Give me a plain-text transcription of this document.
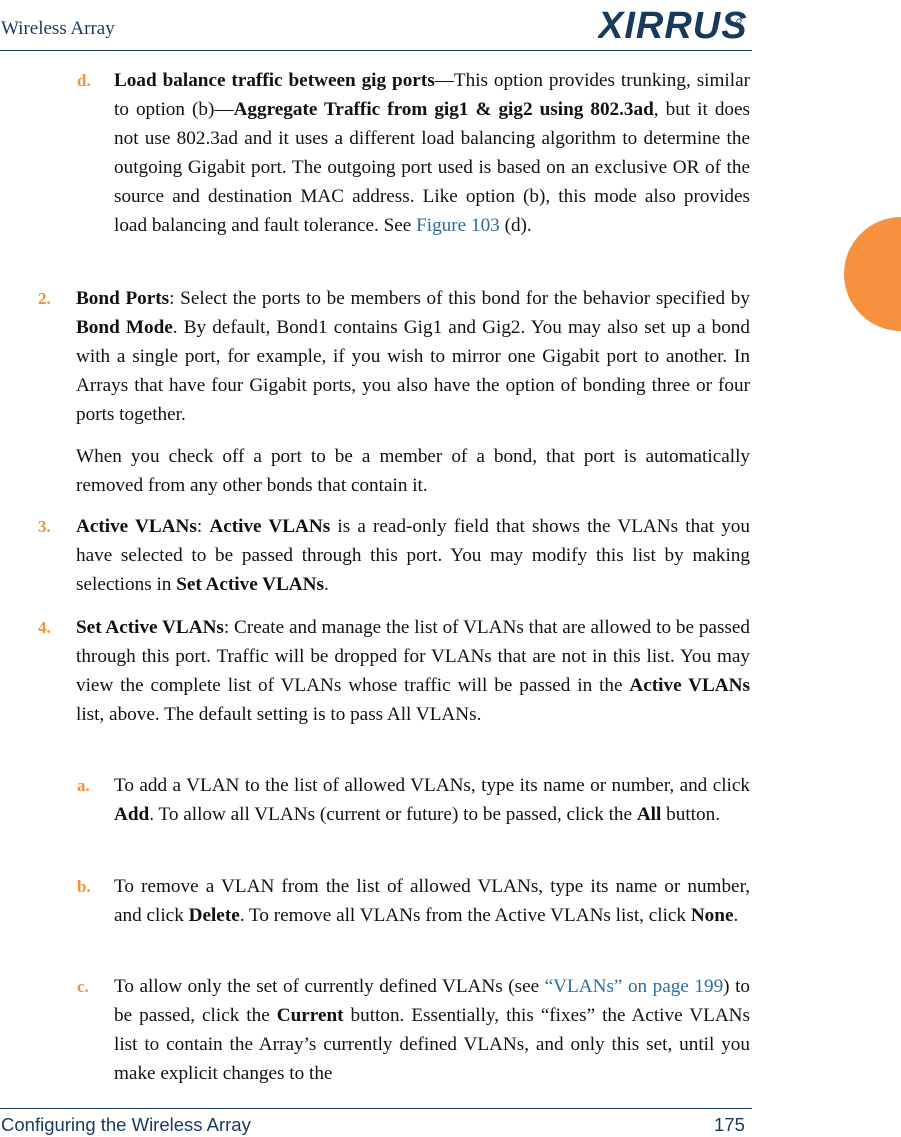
Wireless Array	XIRRUS
d. Load balance traffic between gig ports—This option provides trunking, similar to option (b)—Aggregate Traffic from gig1 & gig2 using 802.3ad, but it does not use 802.3ad and it uses a different load balancing algorithm to determine the outgoing Gigabit port. The outgoing port used is based on an exclusive OR of the source and destination MAC address. Like option (b), this mode also provides load balancing and fault tolerance. See Figure 103 (d).
2. Bond Ports: Select the ports to be members of this bond for the behavior specified by Bond Mode. By default, Bond1 contains Gig1 and Gig2. You may also set up a bond with a single port, for example, if you wish to mirror one Gigabit port to another. In Arrays that have four Gigabit ports, you also have the option of bonding three or four ports together.
When you check off a port to be a member of a bond, that port is automatically removed from any other bonds that contain it.
3. Active VLANs: Active VLANs is a read-only field that shows the VLANs that you have selected to be passed through this port. You may modify this list by making selections in Set Active VLANs.
4. Set Active VLANs: Create and manage the list of VLANs that are allowed to be passed through this port. Traffic will be dropped for VLANs that are not in this list. You may view the complete list of VLANs whose traffic will be passed in the Active VLANs list, above. The default setting is to pass All VLANs.
a. To add a VLAN to the list of allowed VLANs, type its name or number, and click Add. To allow all VLANs (current or future) to be passed, click the All button.
b. To remove a VLAN from the list of allowed VLANs, type its name or number, and click Delete. To remove all VLANs from the Active VLANs list, click None.
c. To allow only the set of currently defined VLANs (see “VLANs” on page 199) to be passed, click the Current button. Essentially, this “fixes” the Active VLANs list to contain the Array’s currently defined VLANs, and only this set, until you make explicit changes to the
Configuring the Wireless Array	175
